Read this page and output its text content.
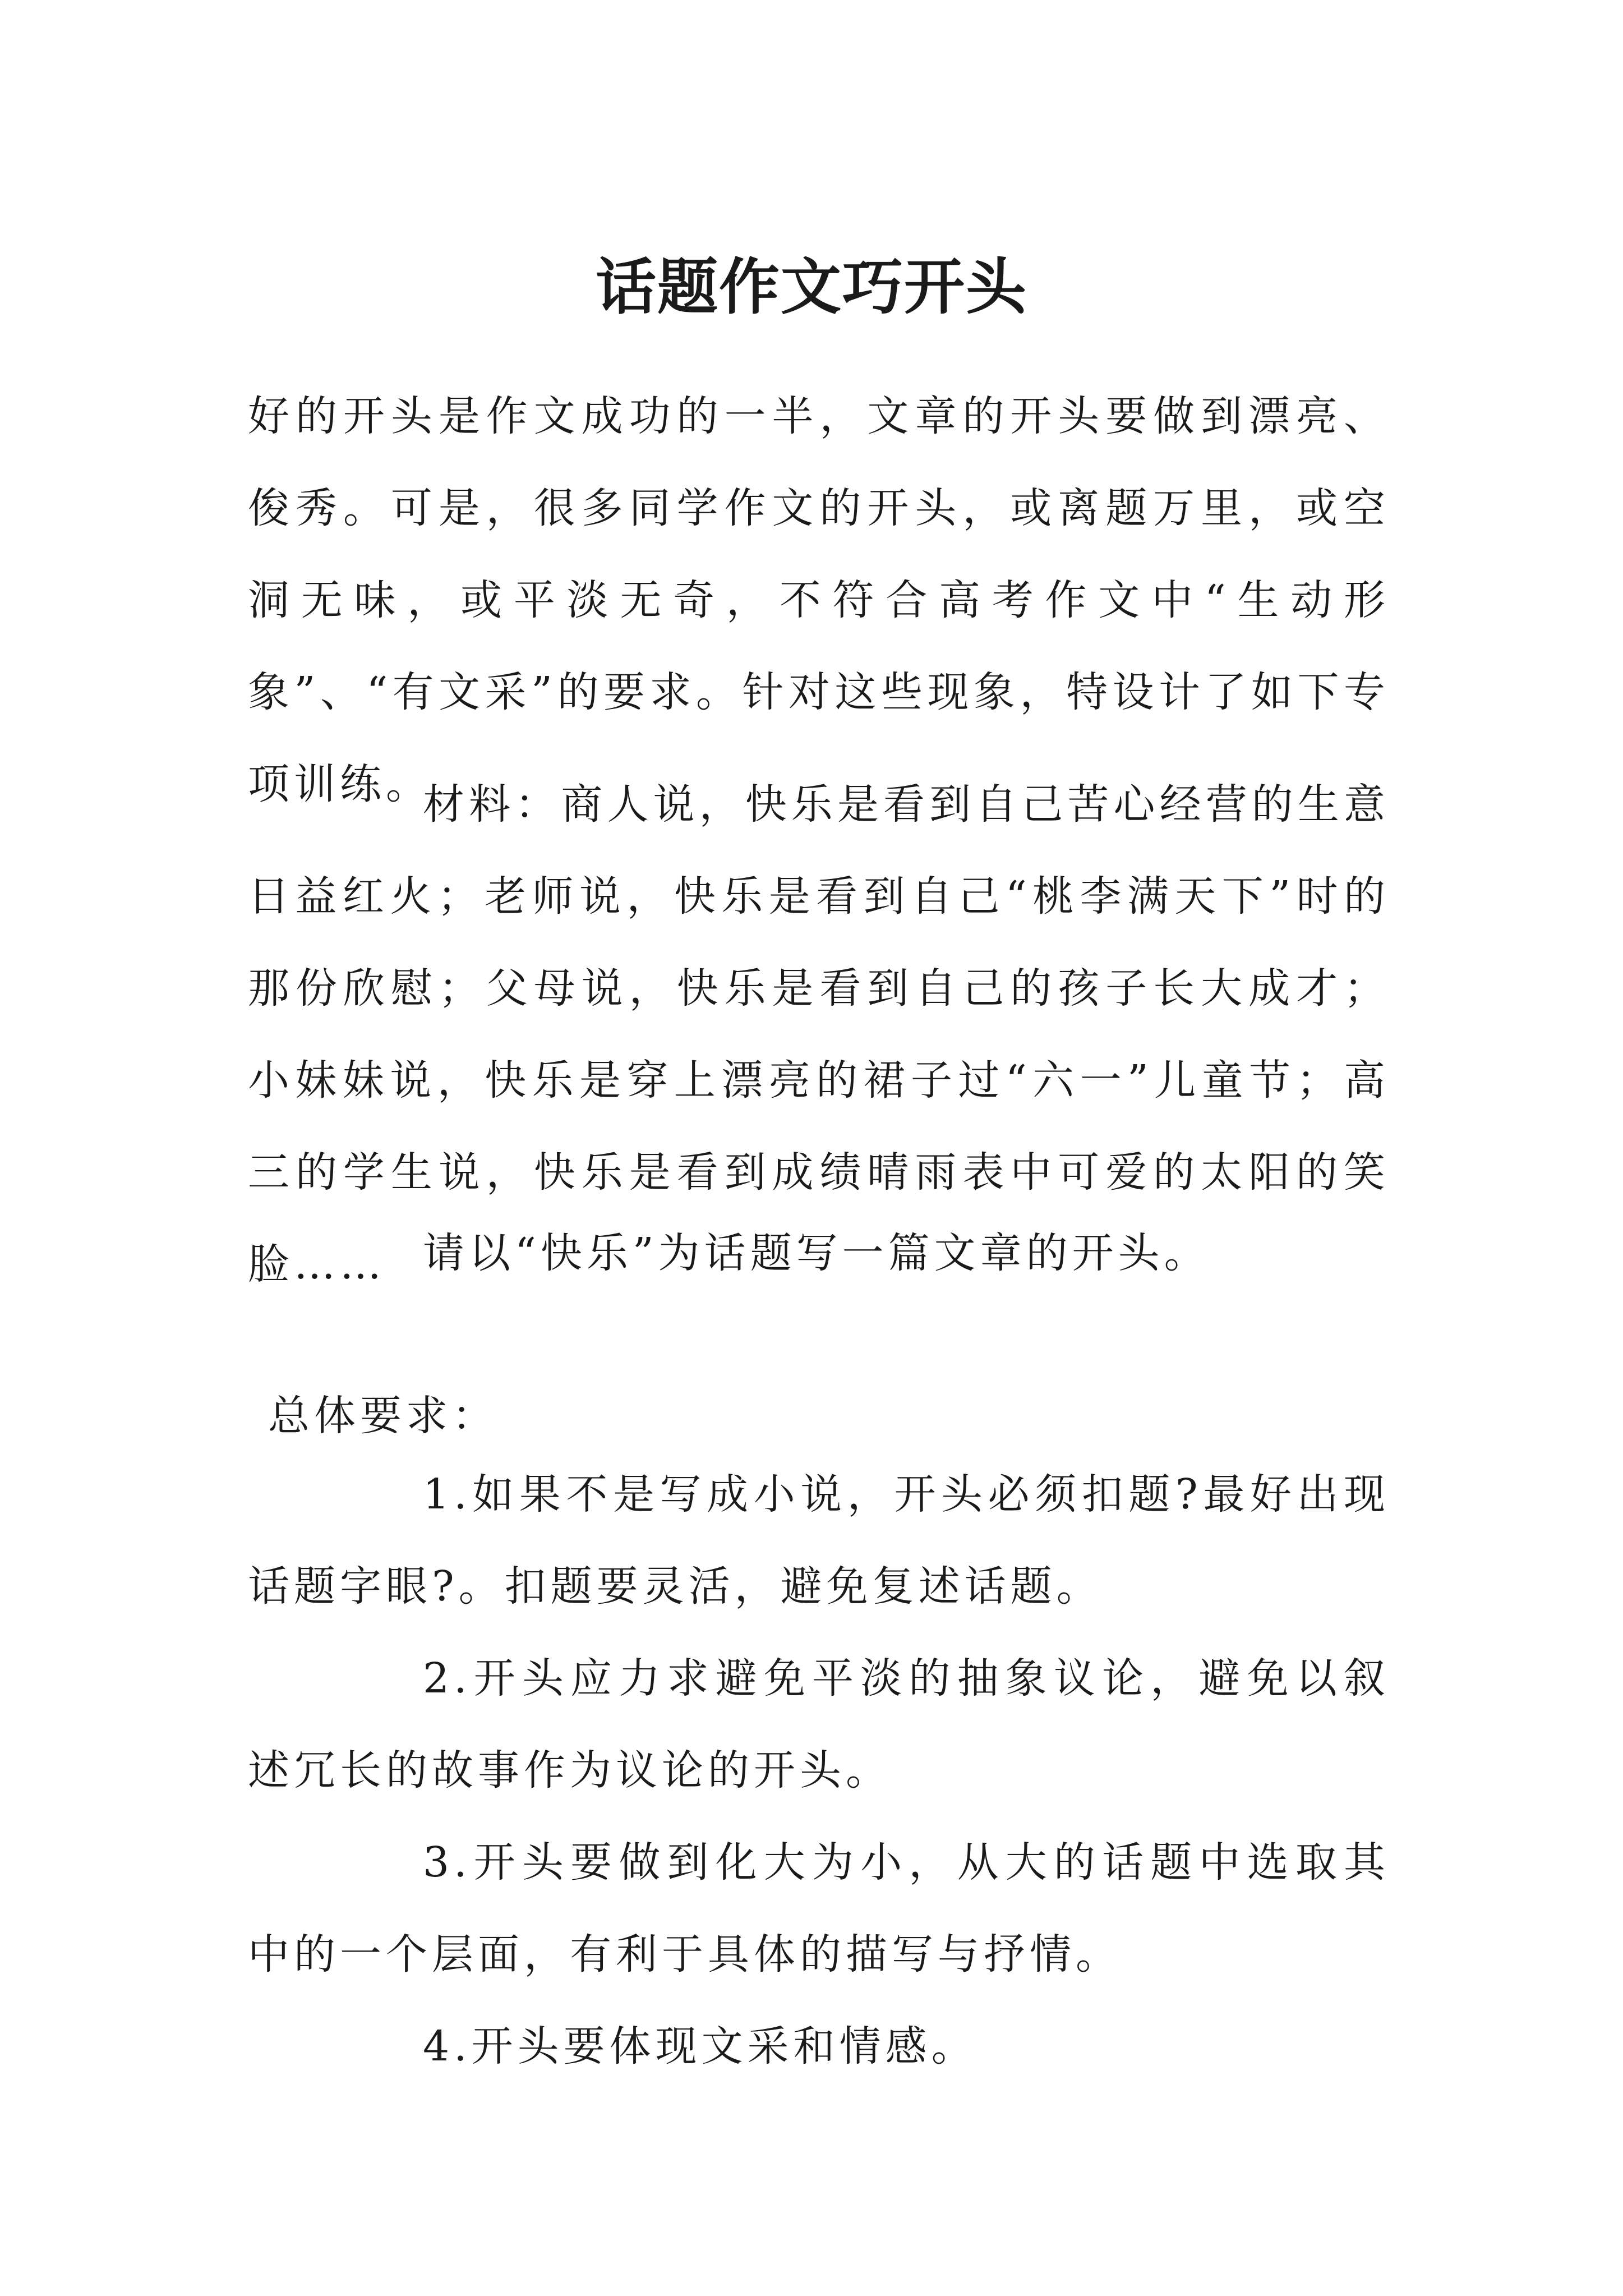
话题作文巧开头

好的开头是作文成功的一半，文章的开头要做到漂亮、俊秀。可是，很多同学作文的开头，或离题万里，或空洞无味，或平淡无奇，不符合高考作文中“生动形象”、“有文采”的要求。针对这些现象，特设计了如下专项训练。

材料：商人说，快乐是看到自己苦心经营的生意日益红火；老师说，快乐是看到自己“桃李满天下”时的那份欣慰；父母说，快乐是看到自己的孩子长大成才；小妹妹说，快乐是穿上漂亮的裙子过“六一”儿童节；高三的学生说，快乐是看到成绩晴雨表中可爱的太阳的笑脸…… 请以“快乐”为话题写一篇文章的开头。

总体要求：

1.如果不是写成小说，开头必须扣题?最好出现话题字眼?。扣题要灵活，避免复述话题。

2.开头应力求避免平淡的抽象议论，避免以叙述冗长的故事作为议论的开头。

3.开头要做到化大为小，从大的话题中选取其中的一个层面，有利于具体的描写与抒情。

4.开头要体现文采和情感。
